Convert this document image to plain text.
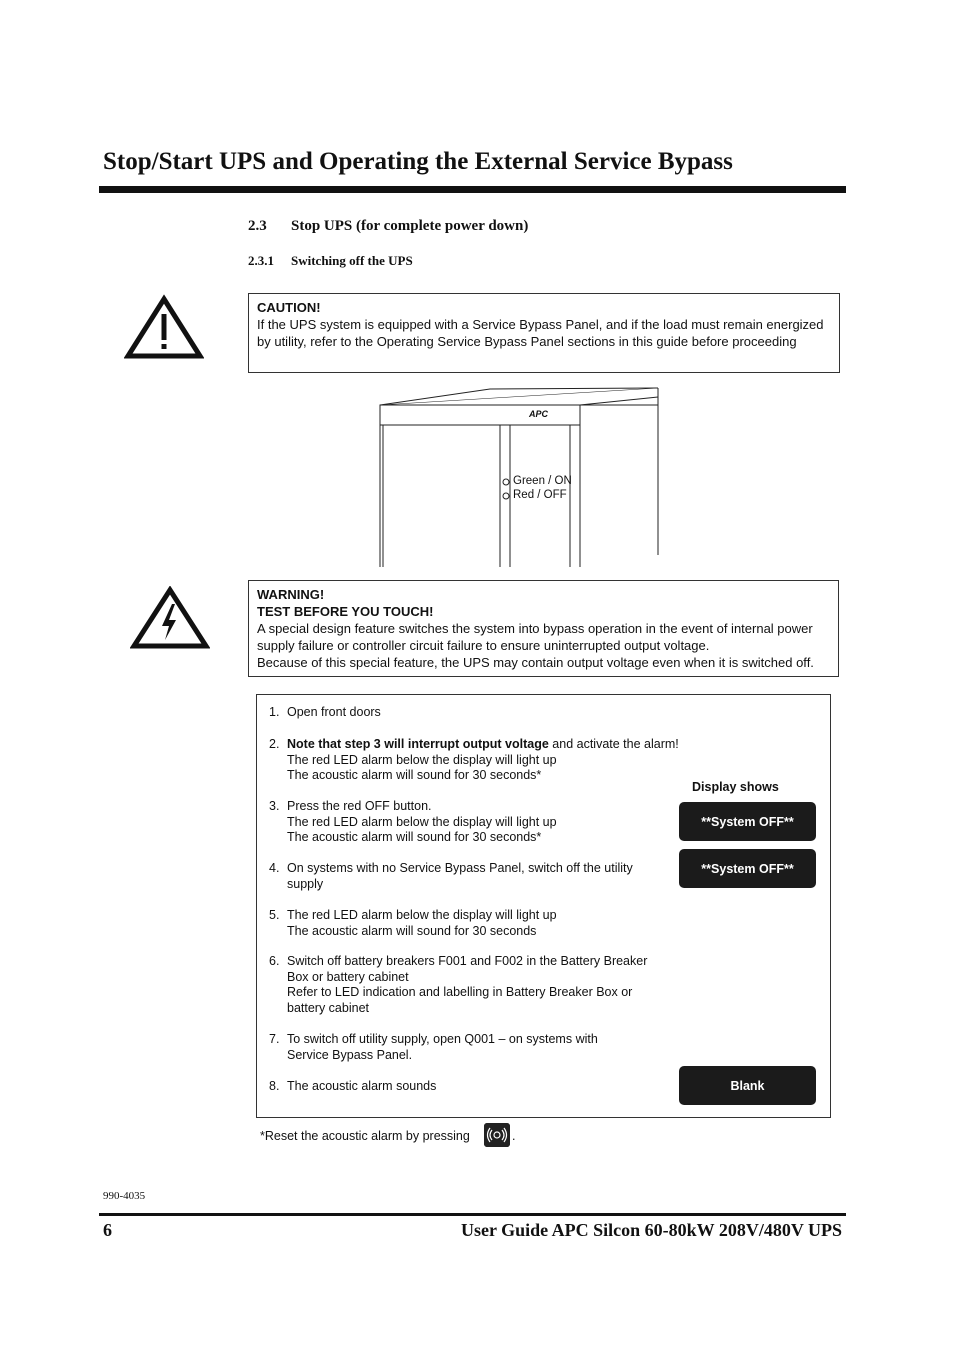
Stop/Start UPS and Operating the External Service Bypass
2.3 Stop UPS (for complete power down)
2.3.1 Switching off the UPS
CAUTION!
If the UPS system is equipped with a Service Bypass Panel, and if the load must remain energized by utility, refer to the Operating Service Bypass Panel sections in this guide before proceeding
APC
Green / ON
Red / OFF
WARNING!
TEST BEFORE YOU TOUCH!
A special design feature switches the system into bypass operation in the event of internal power supply failure or controller circuit failure to ensure uninterrupted output voltage.
Because of this special feature, the UPS may contain output voltage even when it is switched off.
1. Open front doors
2. Note that step 3 will interrupt output voltage and activate the alarm!
The red LED alarm below the display will light up
The acoustic alarm will sound for 30 seconds*
3. Press the red OFF button.
The red LED alarm below the display will light up
The acoustic alarm will sound for 30 seconds*
4. On systems with no Service Bypass Panel, switch off the utility
supply
5. The red LED alarm below the display will light up
The acoustic alarm will sound for 30 seconds
6. Switch off battery breakers F001 and F002 in the Battery Breaker
Box or battery cabinet
Refer to LED indication and labelling in Battery Breaker Box or
battery cabinet
7. To switch off utility supply, open Q001 – on systems with
Service Bypass Panel.
8. The acoustic alarm sounds
Display shows
**System OFF**
**System OFF**
Blank
*Reset the acoustic alarm by pressing	.
990-4035
6	User Guide APC Silcon 60-80kW 208V/480V UPS
